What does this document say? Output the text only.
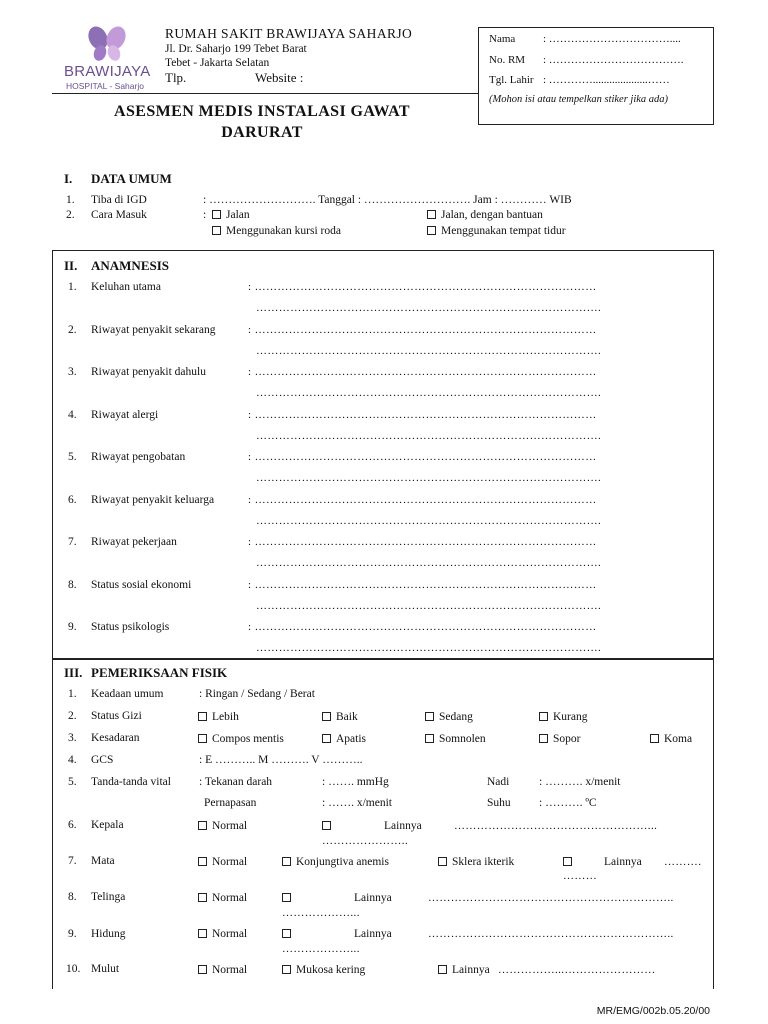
BRAWIJAYA
HOSPITAL - Saharjo
RUMAH SAKIT BRAWIJAYA SAHARJO
Jl. Dr. Saharjo 199 Tebet Barat
Tebet - Jakarta Selatan
Tlp.	Website :
Nama	: ……………………………....
No. RM : ……………………………….
Tgl. Lahir : …………....................……
(Mohon isi atau tempelkan stiker jika ada)
ASESMEN MEDIS INSTALASI GAWAT
DARURAT
I. DATA UMUM
1. Tiba di IGD	: ………………………. Tanggal : ………………………. Jam : ………… WIB
2. Cara Masuk	:	Jalan	Jalan, dengan bantuan
Menggunakan kursi roda	Menggunakan tempat tidur
II. ANAMNESIS
1. Keluhan utama	: ………………………………………………………………………………
……………………………………………………………………………….
2. Riwayat penyakit sekarang	: ………………………………………………………………………………
……………………………………………………………………………….
3. Riwayat penyakit dahulu	: ………………………………………………………………………………
……………………………………………………………………………….
4. Riwayat alergi	: ………………………………………………………………………………
……………………………………………………………………………….
5. Riwayat pengobatan	: ………………………………………………………………………………
……………………………………………………………………………….
6. Riwayat penyakit keluarga	: ………………………………………………………………………………
……………………………………………………………………………….
7. Riwayat pekerjaan	: ………………………………………………………………………………
……………………………………………………………………………….
8. Status sosial ekonomi	: ………………………………………………………………………………
……………………………………………………………………………….
9. Status psikologis	: ………………………………………………………………………………
……………………………………………………………………………….
III. PEMERIKSAAN FISIK
1. Keadaan umum	: Ringan / Sedang / Berat
2. Status Gizi	Lebih	Baik	Sedang	Kurang
3. Kesadaran	Compos mentis	Apatis	Somnolen	Sopor	Koma
4. GCS	: E ……….. M ………. V ………..
5. Tanda-tanda vital : Tekanan darah	: ……. mmHg	Nadi	: ………. x/menit
Pernapasan	: ……. x/menit	Suhu : ………. ºC
6. Kepala	Normal	Lainnya	……………………………………………...
…………………..
7. Mata	Normal	Konjungtiva anemis	Sklera ikterik	Lainnya ……….
………
8. Telinga	Normal	Lainnya	………………………………………………………..
………………...
9. Hidung	Normal	Lainnya	………………………………………………………..
………………...
10. Mulut	Normal	Mukosa kering	Lainnya ……………...……………………
MR/EMG/002b.05.20/00
